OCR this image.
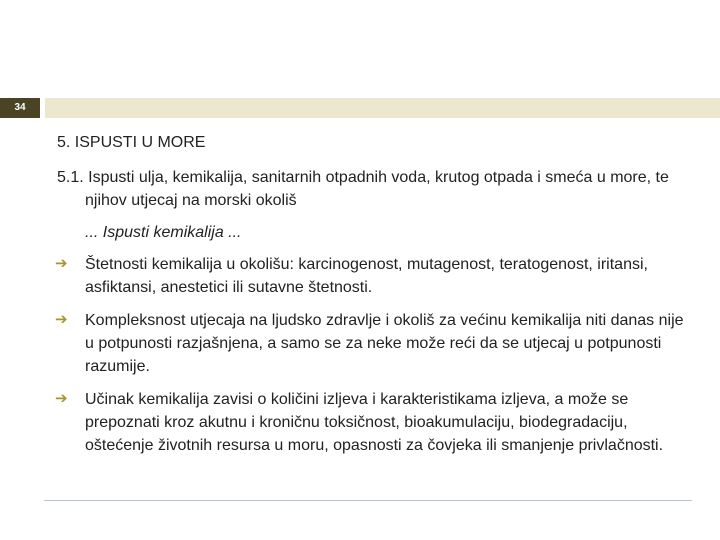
34

5. ISPUSTI U MORE

5.1. Ispusti ulja, kemikalija, sanitarnih otpadnih voda, krutog otpada i smeća u more, te njihov utjecaj na morski okoliš

... Ispusti kemikalija ...

➔ Štetnosti kemikalija u okolišu: karcinogenost, mutagenost, teratogenost, iritansi, asfiktansi, anestetici ili sutavne štetnosti.
➔ Kompleksnost utjecaja na ljudsko zdravlje i okoliš za većinu kemikalija niti danas nije u potpunosti razjašnjena, a samo se za neke može reći da se utjecaj u potpunosti razumije.
➔ Učinak kemikalija zavisi o količini izljeva i karakteristikama izljeva, a može se prepoznati kroz akutnu i kroničnu toksičnost, bioakumulaciju, biodegradaciju, oštećenje životnih resursa u moru, opasnosti za čovjeka ili smanjenje privlačnosti.
